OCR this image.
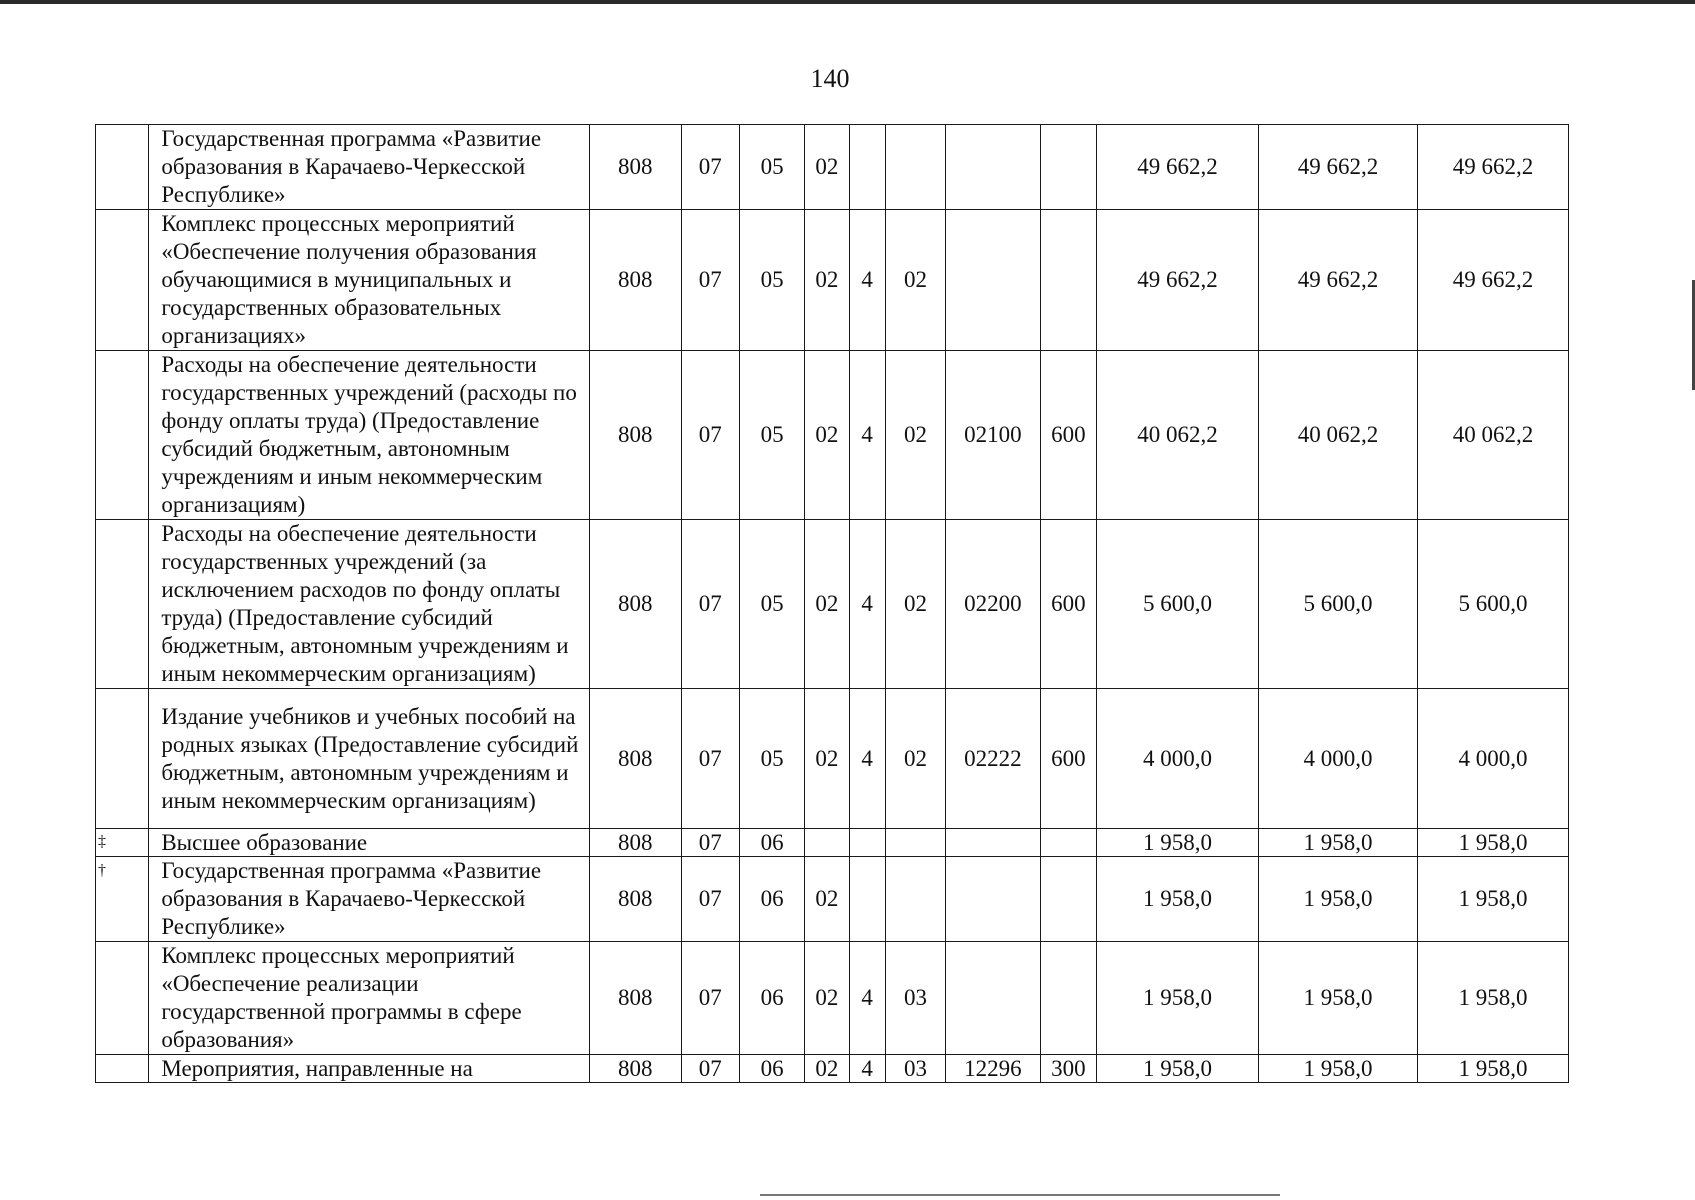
140
	Государственная программа «Развитие образования в Карачаево-Черкесской Республике»	808	07	05	02					49 662,2	49 662,2	49 662,2
	Комплекс процессных мероприятий «Обеспечение получения образования обучающимися в муниципальных и государственных образовательных организациях»	808	07	05	02	4	02			49 662,2	49 662,2	49 662,2
	Расходы на обеспечение деятельности государственных учреждений (расходы по фонду оплаты труда) (Предоставление субсидий бюджетным, автономным учреждениям и иным некоммерческим организациям)	808	07	05	02	4	02	02100	600	40 062,2	40 062,2	40 062,2
	Расходы на обеспечение деятельности государственных учреждений (за исключением расходов по фонду оплаты труда) (Предоставление субсидий бюджетным, автономным учреждениям и иным некоммерческим организациям)	808	07	05	02	4	02	02200	600	5 600,0	5 600,0	5 600,0
	Издание учебников и учебных пособий на родных языках (Предоставление субсидий бюджетным, автономным учреждениям и иным некоммерческим организациям)	808	07	05	02	4	02	02222	600	4 000,0	4 000,0	4 000,0
‡	Высшее образование	808	07	06						1 958,0	1 958,0	1 958,0
†	Государственная программа «Развитие образования в Карачаево-Черкесской Республике»	808	07	06	02					1 958,0	1 958,0	1 958,0
	Комплекс процессных мероприятий «Обеспечение реализации государственной программы в сфере образования»	808	07	06	02	4	03			1 958,0	1 958,0	1 958,0
	Мероприятия, направленные на	808	07	06	02	4	03	12296	300	1 958,0	1 958,0	1 958,0
